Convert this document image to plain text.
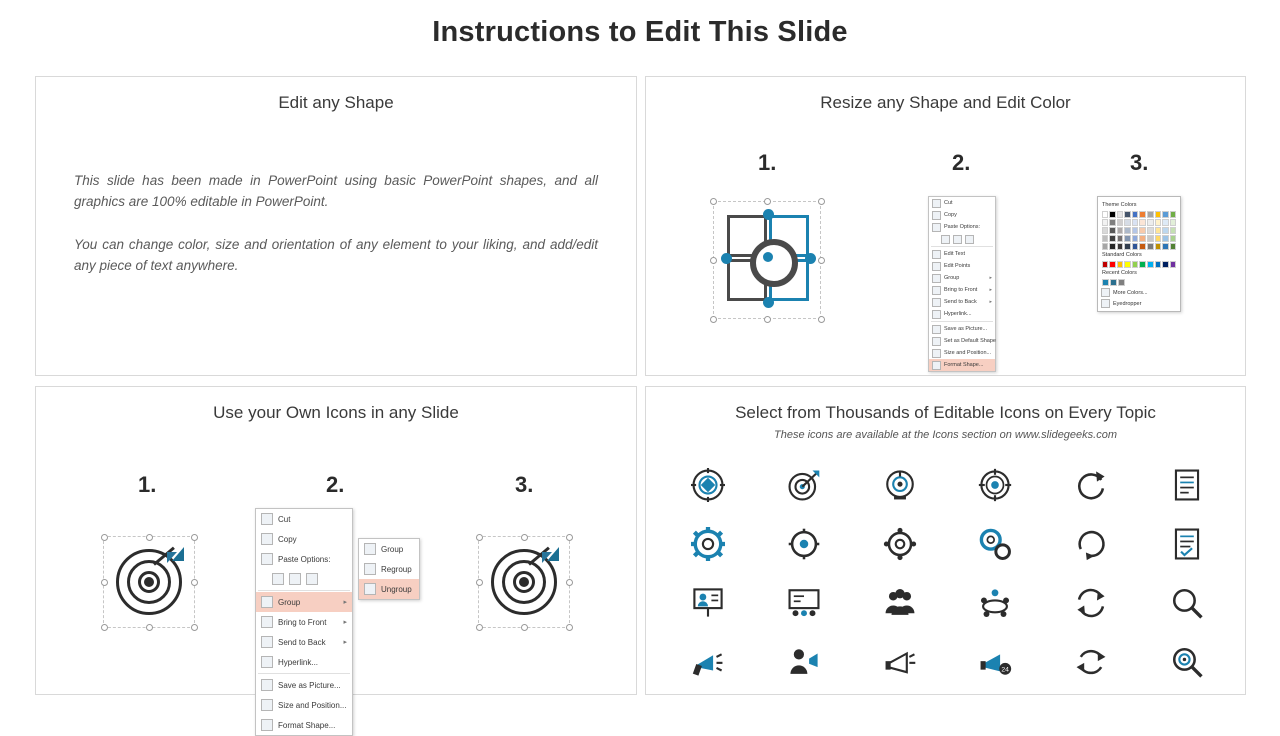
Instructions to Edit This Slide
Edit any Shape
This slide has been made in PowerPoint using basic PowerPoint shapes, and all graphics are 100% editable in PowerPoint.
You can change color, size and orientation of any element to your liking, and add/edit any piece of text anywhere.
Resize any Shape and Edit Color
1.	2.	3.
Cut
Copy
Paste Options:
Edit Text
Edit Points
Group	▸
Bring to Front ▸
Send to Back	▸
Hyperlink...
Save as Picture...
Set as Default Shape
Size and Position...
Format Shape...
Theme Colors
Standard Colors
Recent Colors
More Colors...
Eyedropper
Use your Own Icons in any Slide
1.	2.	3.
Cut
Copy
Paste Options:
Group	▸
Bring to Front ▸
Send to Back	▸
Hyperlink...
Save as Picture...
Size and Position...
Format Shape...
Group
Regroup
Ungroup
Select from Thousands of Editable Icons on Every Topic
These icons are available at the Icons section on www.slidegeeks.com
24
